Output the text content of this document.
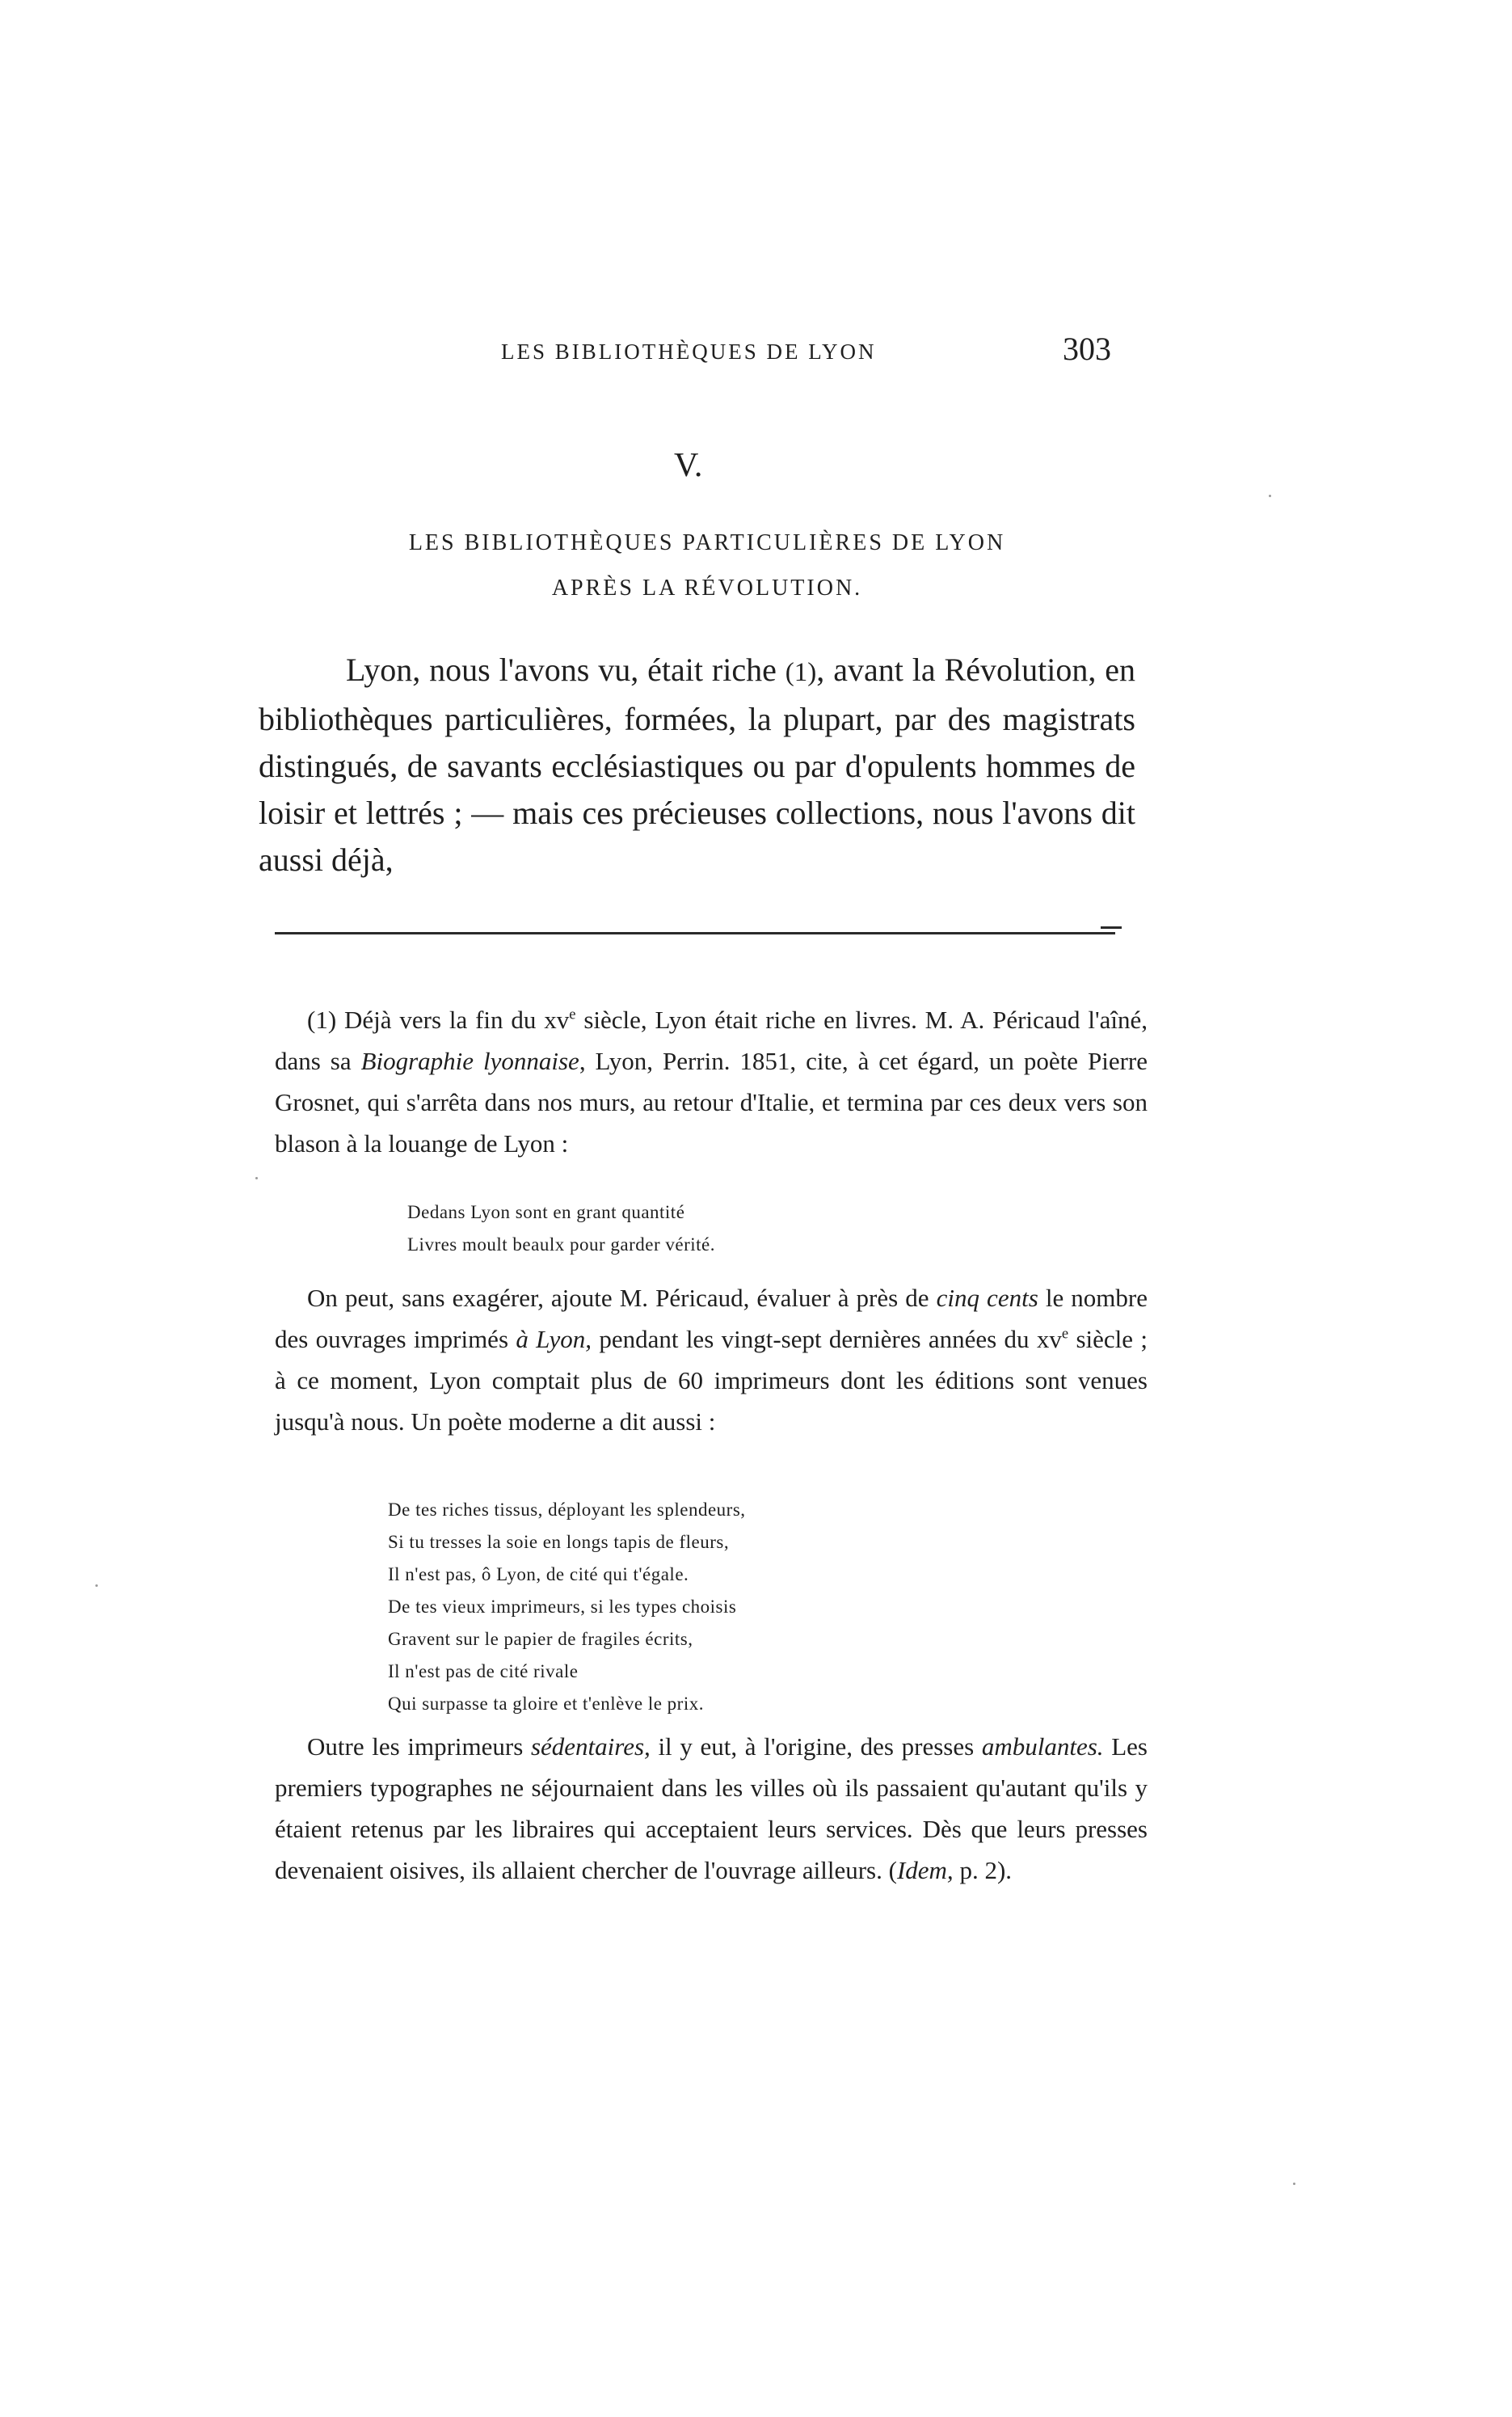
LES BIBLIOTHÈQUES DE LYON	303
V.
LES BIBLIOTHÈQUES PARTICULIÈRES DE LYON
APRÈS LA RÉVOLUTION.

Lyon, nous l'avons vu, était riche (1), avant la Révolution, en bibliothèques particulières, formées, la plupart, par des magistrats distingués, de savants ecclésiastiques ou par d'opulents hommes de loisir et lettrés ; — mais ces précieuses collections, nous l'avons dit aussi déjà,

(1) Déjà vers la fin du $xv^e$ siècle, Lyon était riche en livres. M. A. Péricaud l'aîné, dans sa Biographie lyonnaise, Lyon, Perrin. 1851, cite, à cet égard, un poète Pierre Grosnet, qui s'arrêta dans nos murs, au retour d'Italie, et termina par ces deux vers son blason à la louange de Lyon :

Dedans Lyon sont en grant quantité
Livres moult beaulx pour garder vérité.

On peut, sans exagérer, ajoute M. Péricaud, évaluer à près de cinq cents le nombre des ouvrages imprimés à Lyon, pendant les vingt-sept dernières années du $xv^e$ siècle ; à ce moment, Lyon comptait plus de 60 imprimeurs dont les éditions sont venues jusqu'à nous. Un poète moderne a dit aussi :

De tes riches tissus, déployant les splendeurs,
Si tu tresses la soie en longs tapis de fleurs,
Il n'est pas, ô Lyon, de cité qui t'égale.
De tes vieux imprimeurs, si les types choisis
Gravent sur le papier de fragiles écrits,
Il n'est pas de cité rivale
Qui surpasse ta gloire et t'enlève le prix.

Outre les imprimeurs sédentaires, il y eut, à l'origine, des presses ambulantes. Les premiers typographes ne séjournaient dans les villes où ils passaient qu'autant qu'ils y étaient retenus par les libraires qui acceptaient leurs services. Dès que leurs presses devenaient oisives, ils allaient chercher de l'ouvrage ailleurs. (Idem, p. 2).
